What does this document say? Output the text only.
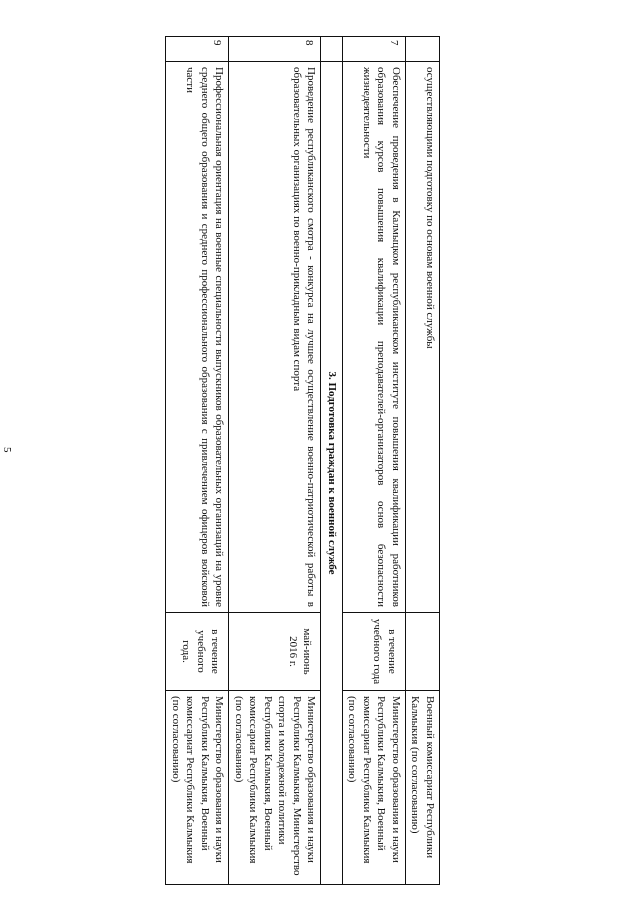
5
	осуществляющими подготовку по основам военной службы		Военный комиссариат Республики Калмыкия (по согласованию)
7	Обеспечение проведения в Калмыцком республиканском институте повышения квалификации работников образования курсов повышения квалификации преподавателей-организаторов основ безопасности жизнедеятельности	в течение учебного года	Министерство образования и науки Республики Калмыкия, Военный комиссариат Республики Калмыкия (по согласованию)
	3. Подготовка граждан к военной службе		
8	Проведение республиканского смотра - конкурса на лучшее осуществление военно-патриотической работы в образовательных организациях по военно-прикладным видам спорта	май-июнь 2016 г.	Министерство образования и науки Республики Калмыкия, Министерство спорта и молодежной политики Республики Калмыкия, Военный комиссариат Республики Калмыкия (по согласованию)
9	Профессиональная ориентация на военные специальности выпускников образовательных организаций на уровне среднего общего образования и среднего профессионального образования с привлечением офицеров войсковой части	в течение учебного года.	Министерство образования и науки Республики Калмыкия, Военный комиссариат Республики Калмыкия (по согласованию)
